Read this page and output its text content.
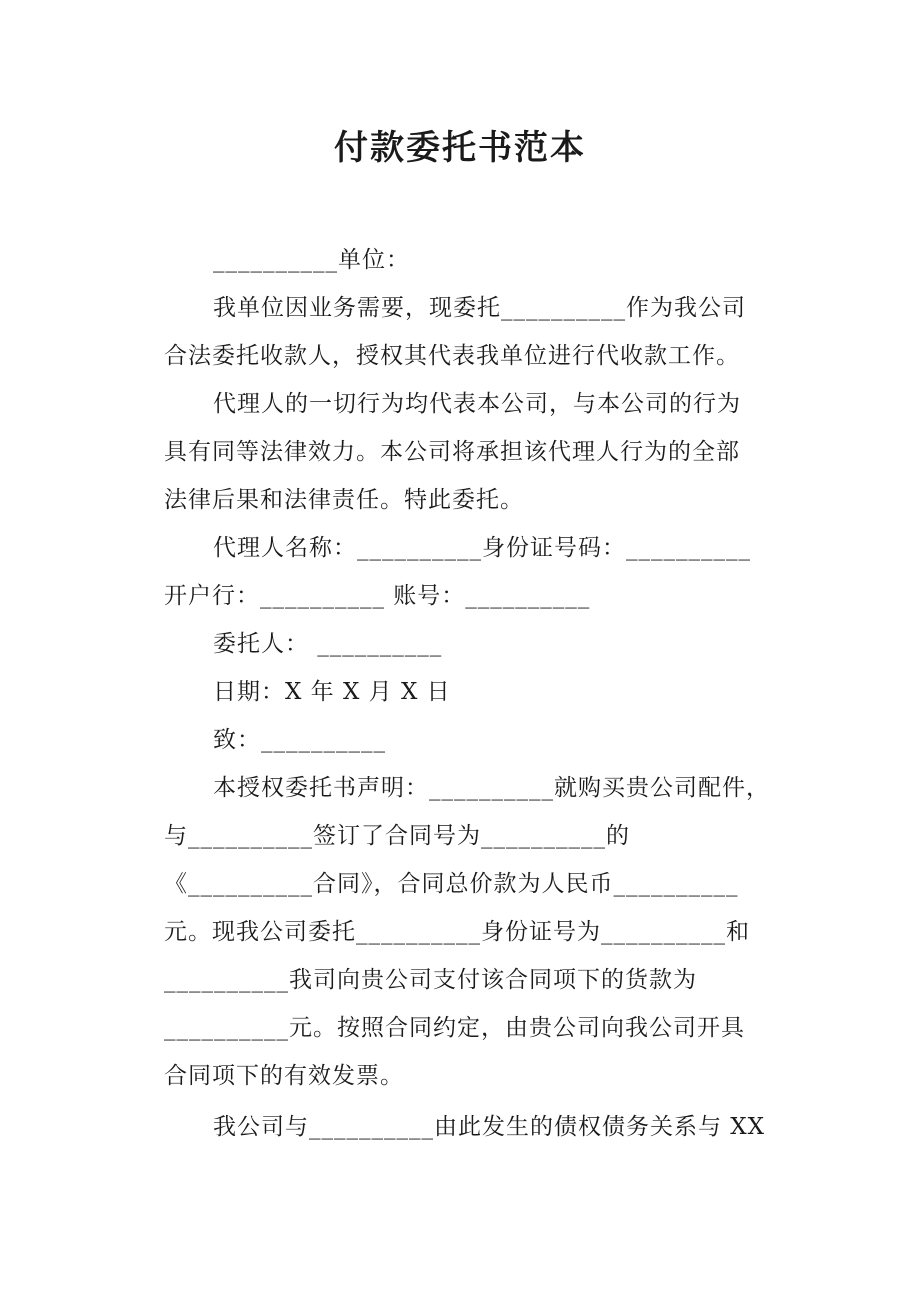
付款委托书范本
__________单位：
我单位因业务需要，现委托__________作为我公司
合法委托收款人，授权其代表我单位进行代收款工作。
代理人的一切行为均代表本公司，与本公司的行为
具有同等法律效力。本公司将承担该代理人行为的全部
法律后果和法律责任。特此委托。
代理人名称：__________身份证号码：__________
开户行：__________ 账号：__________
委托人： __________
日期：X 年 X 月 X 日
致：__________
本授权委托书声明：__________就购买贵公司配件，
与__________签订了合同号为__________的
《__________合同》，合同总价款为人民币__________
元。现我公司委托__________身份证号为__________和
__________我司向贵公司支付该合同项下的货款为
__________元。按照合同约定，由贵公司向我公司开具
合同项下的有效发票。
我公司与__________由此发生的债权债务关系与 XX
